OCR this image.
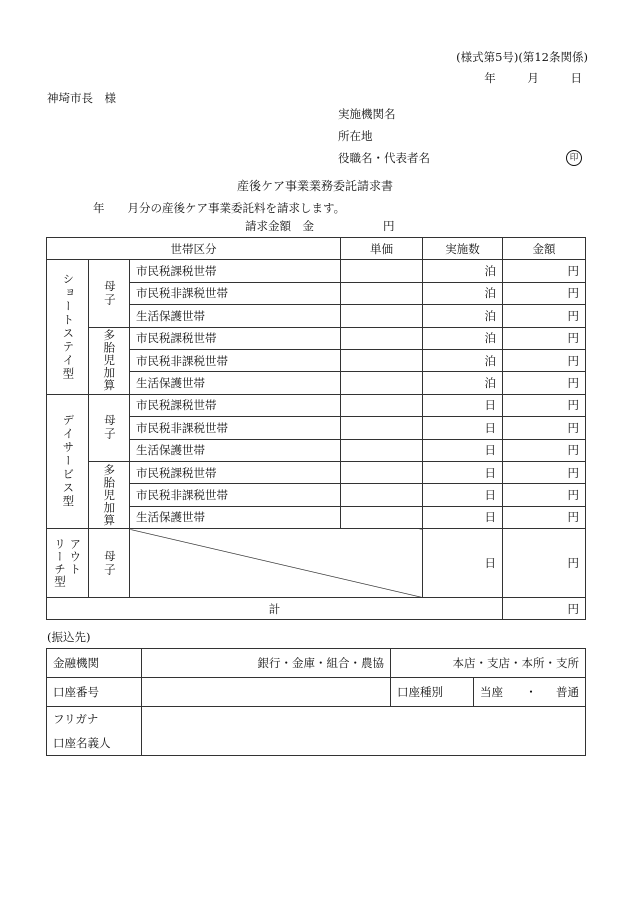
(様式第5号)(第12条関係)
年 月 日
神埼市長　様
実施機関名
所在地
役職名・代表者名	印
産後ケア事業業務委託請求書
年　　月分の産後ケア事業委託料を請求します。
請求金額　金　　　　　　円
世帯区分			単価	実施数	金額
ショートステイ型	母子	市民税課税世帯		泊	円
		市民税非課税世帯		泊	円
		生活保護世帯		泊	円

	多胎児加算	市民税課税世帯		泊	円
		市民税非課税世帯		泊	円
		生活保護世帯		泊	円
デイサービス型	母子	市民税課税世帯		日	円
		市民税非課税世帯		日	円
		生活保護世帯		日	円

	多胎児加算	市民税課税世帯		日	円
		市民税非課税世帯		日	円
		生活保護世帯		日	円

アウト
リーチ型	母子			日	円
計					円
(振込先)
金融機関	銀行・金庫・組合・農協	本店・支店・本所・支所	
口座番号		口座種別	当座 ・ 普通

フリガナ
口座名義人			
